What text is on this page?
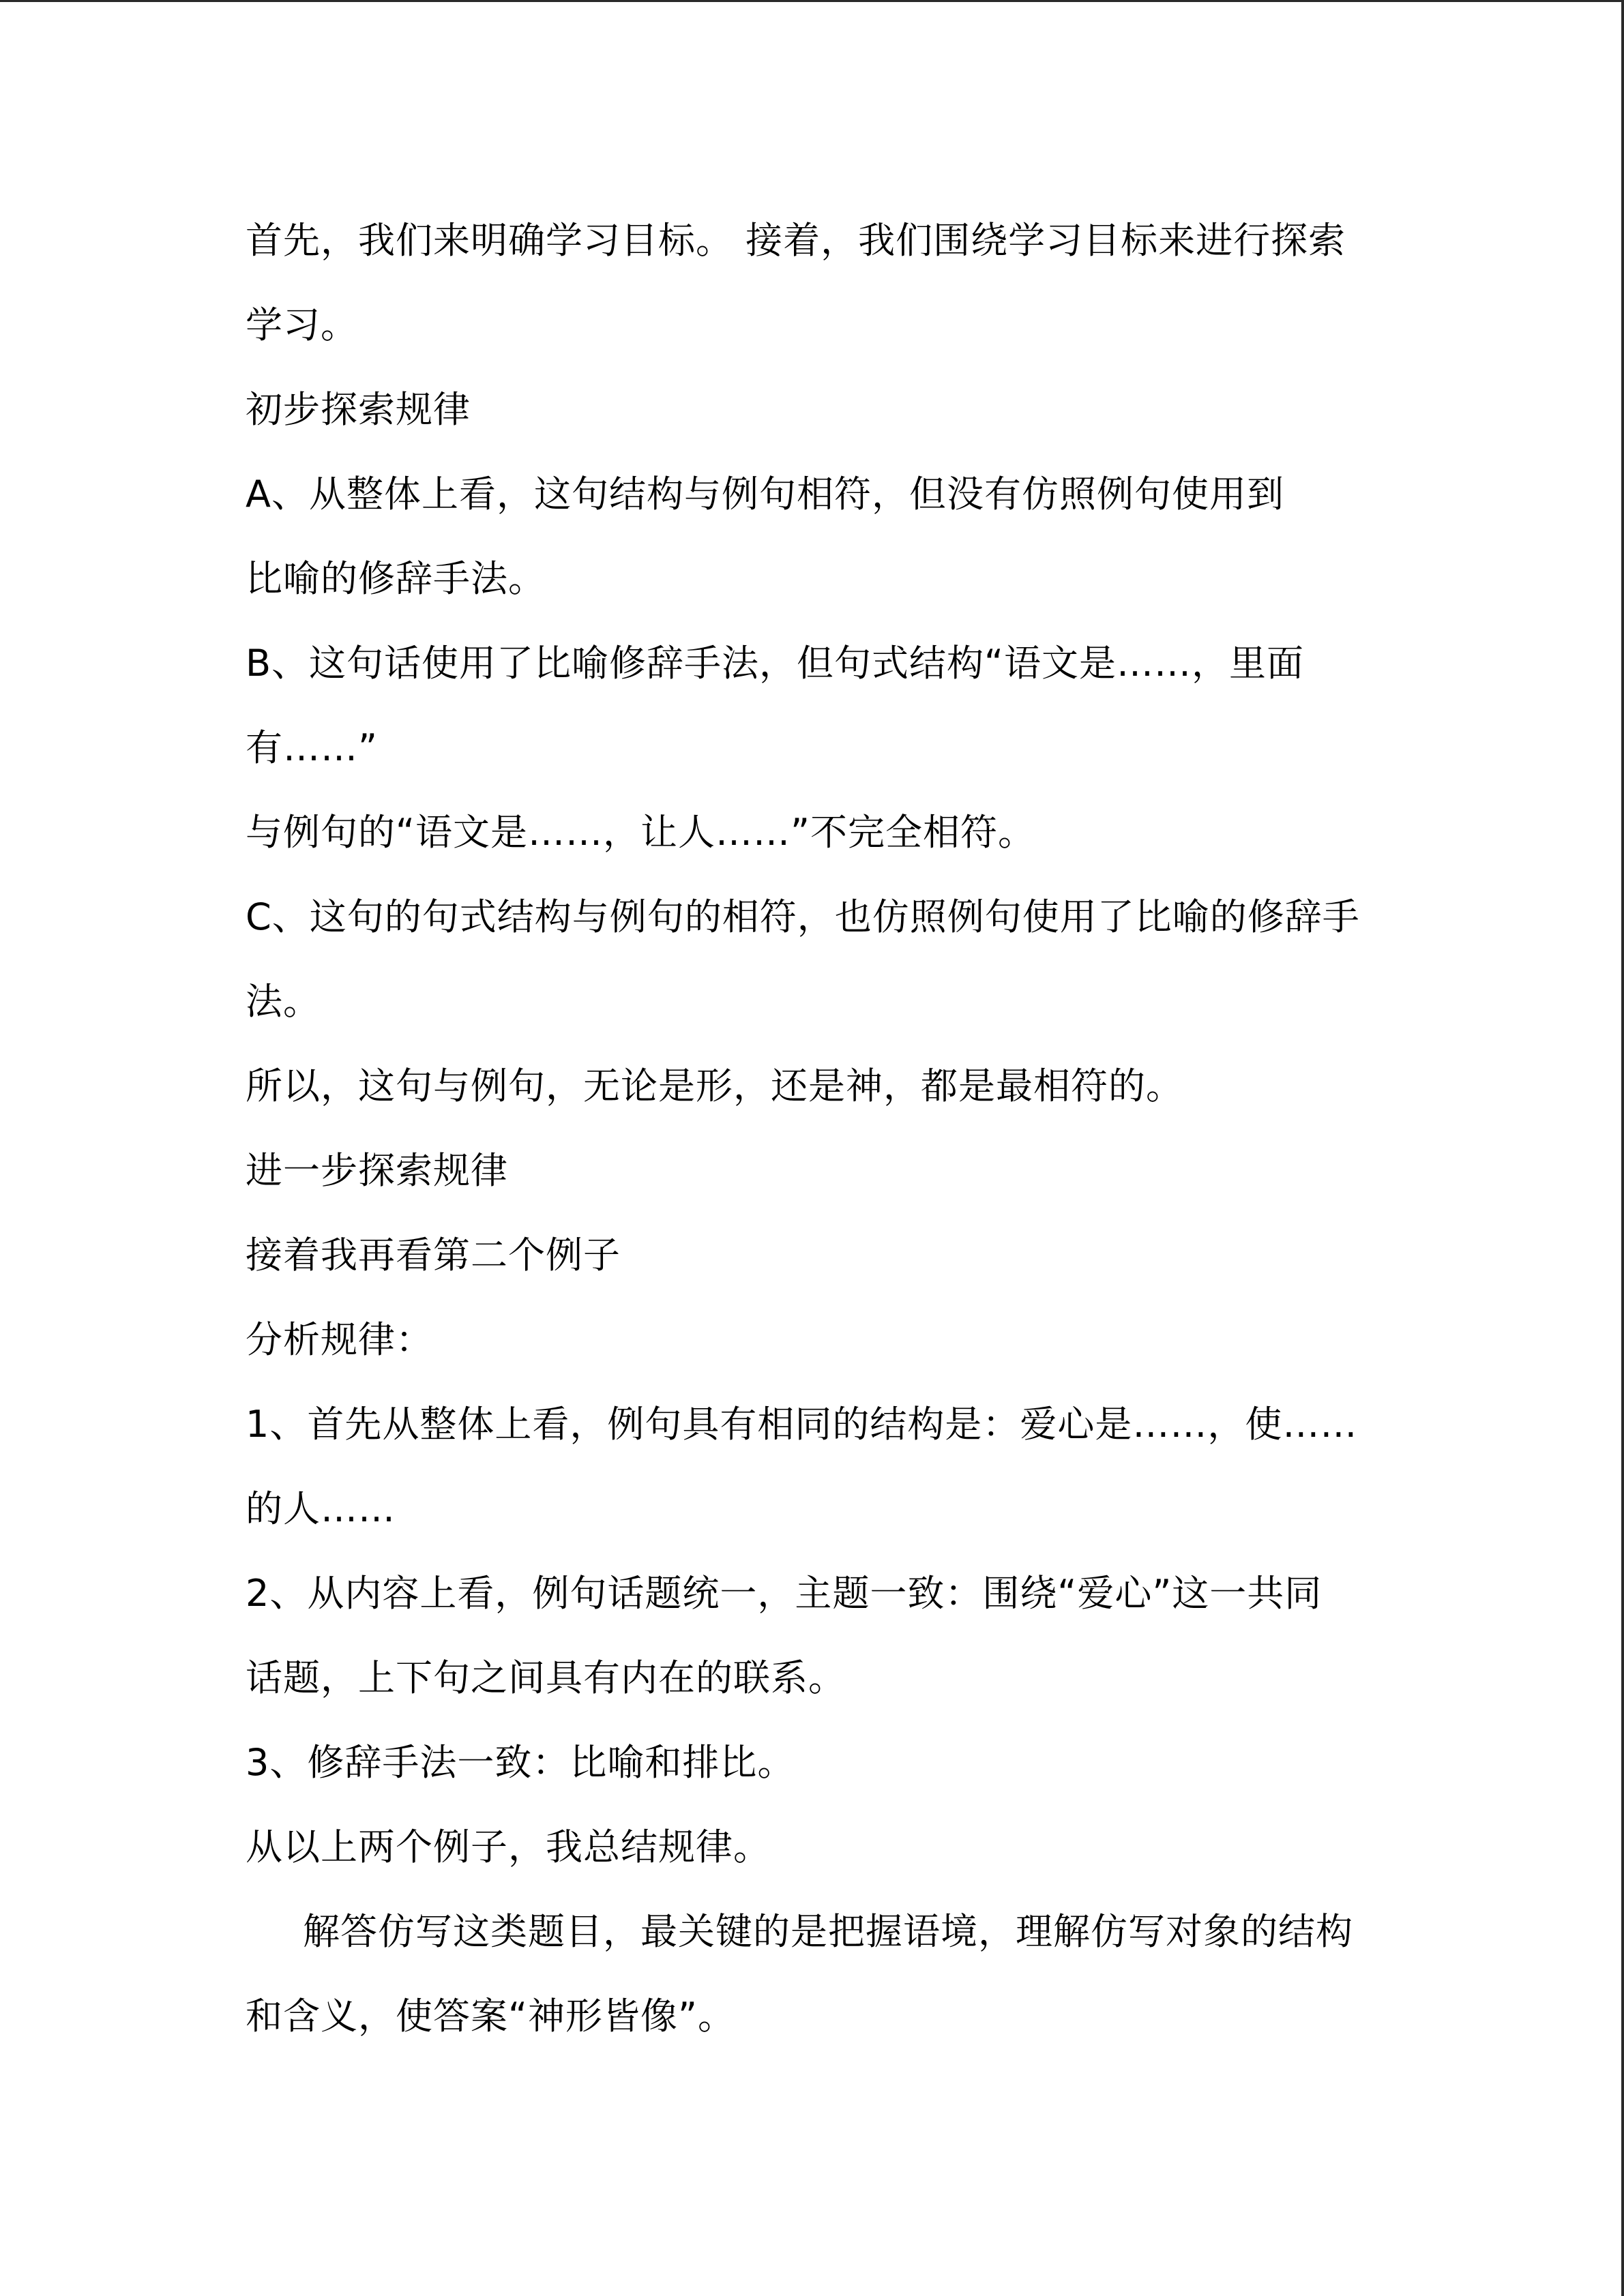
首先，我们来明确学习目标。 接着，我们围绕学习目标来进行探索
学习。
初步探索规律
A、从整体上看，这句结构与例句相符，但没有仿照例句使用到
比喻的修辞手法。
B、这句话使用了比喻修辞手法，但句式结构“语文是……，里面
有……”
与例句的“语文是……，让人……”不完全相符。
C、这句的句式结构与例句的相符，也仿照例句使用了比喻的修辞手
法。
所以，这句与例句，无论是形，还是神，都是最相符的。
进一步探索规律
接着我再看第二个例子
分析规律：
1、首先从整体上看，例句具有相同的结构是：爱心是……，使……
的人……
2、从内容上看，例句话题统一，主题一致：围绕“爱心”这一共同
话题，上下句之间具有内在的联系。
3、修辞手法一致：比喻和排比。
从以上两个例子，我总结规律。
解答仿写这类题目，最关键的是把握语境，理解仿写对象的结构
和含义，使答案“神形皆像”。
